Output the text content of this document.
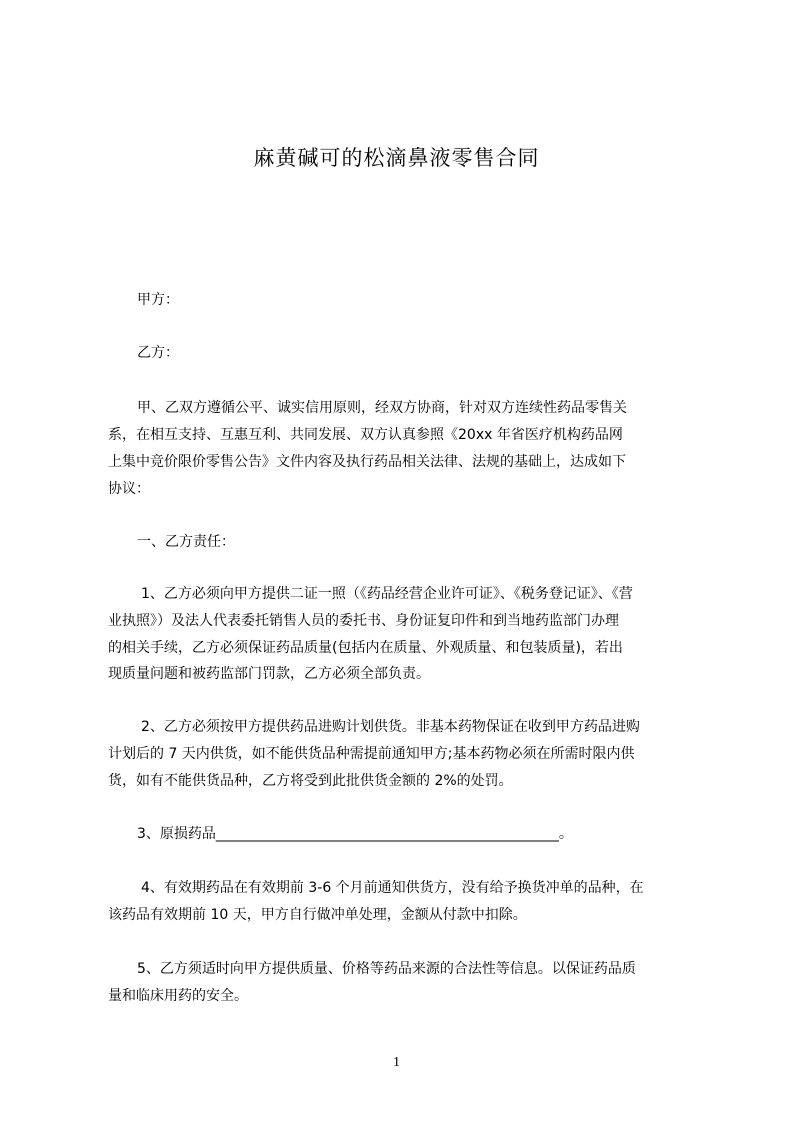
麻黄碱可的松滴鼻液零售合同

甲方：

乙方：

甲、乙双方遵循公平、诚实信用原则，经双方协商，针对双方连续性药品零售关

系，在相互支持、互惠互利、共同发展、双方认真参照《20xx 年省医疗机构药品网

上集中竞价限价零售公告》文件内容及执行药品相关法律、法规的基础上，达成如下

协议：

一、乙方责任：

1、乙方必须向甲方提供二证一照（《药品经营企业许可证》、《税务登记证》、《营

业执照》）及法人代表委托销售人员的委托书、身份证复印件和到当地药监部门办理

的相关手续，乙方必须保证药品质量(包括内在质量、外观质量、和包装质量)，若出

现质量问题和被药监部门罚款，乙方必须全部负责。

2、乙方必须按甲方提供药品进购计划供货。非基本药物保证在收到甲方药品进购

计划后的 7 天内供货，如不能供货品种需提前通知甲方;基本药物必须在所需时限内供

货，如有不能供货品种，乙方将受到此批供货金额的 2%的处罚。

3、原损药品_________________________________________________。

4、有效期药品在有效期前 3-6 个月前通知供货方，没有给予换货冲单的品种，在

该药品有效期前 10 天，甲方自行做冲单处理，金额从付款中扣除。

5、乙方须适时向甲方提供质量、价格等药品来源的合法性等信息。以保证药品质

量和临床用药的安全。

1
